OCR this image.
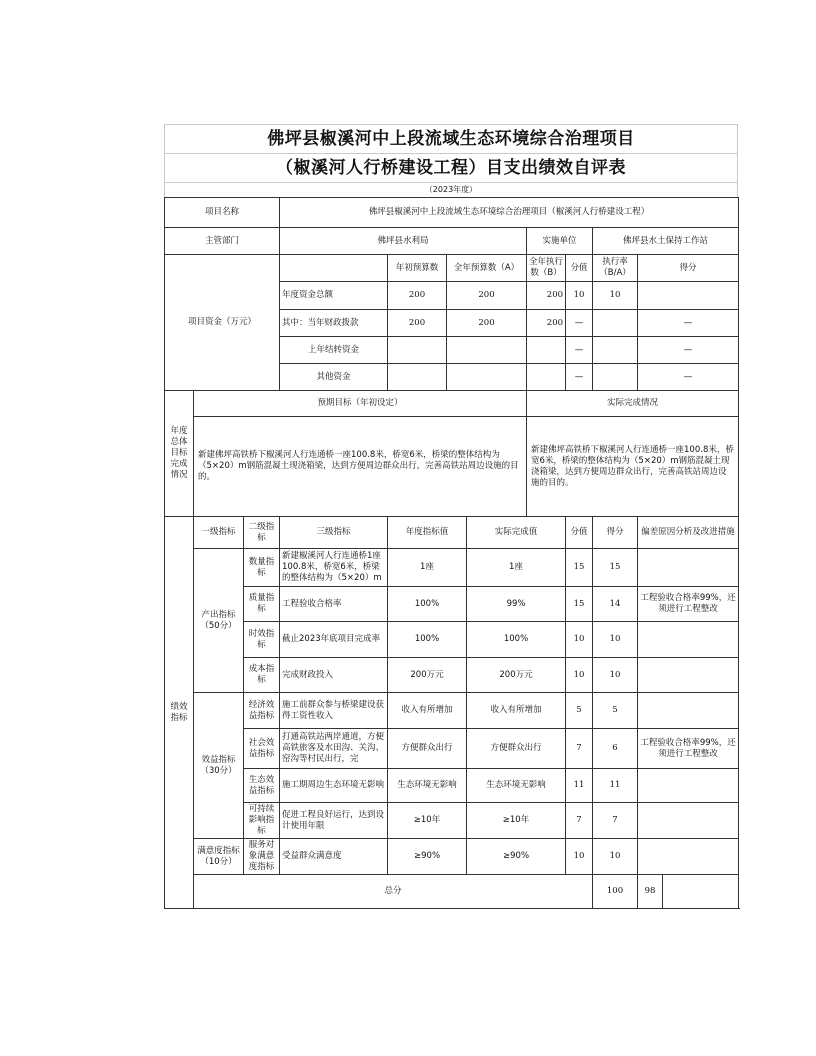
佛坪县椒溪河中上段流域生态环境综合治理项目
（椒溪河人行桥建设工程）目支出绩效自评表
（2023年度）
项目名称			佛坪县椒溪河中上段流域生态环境综合治理项目（椒溪河人行桥建设工程）								
主管部门			佛坪县水利局				实施单位		佛坪县水土保持工作站		
项目资金（万元）				年初预算数	全年预算数（A）		全年执行数（B）	分值	执行率（B/A）	得分	
			年度资金总额	200	200		200	10	10		
			其中：当年财政拨款	200	200		200	—		—	
			上年结转资金					—		—	
			其他资金					—		—	
年度总体目标完成情况	预期目标（年初设定）						实际完成情况				
	新建佛坪高铁桥下椒溪河人行连通桥一座100.8米，桥宽6米，桥梁的整体结构为（5×20）m钢筋混凝土现浇箱梁，达到方便周边群众出行，完善高铁站周边设施的目的。						新建佛坪高铁桥下椒溪河人行连通桥一座100.8米，桥宽6米，桥梁的整体结构为（5×20）m钢筋混凝土现浇箱梁，达到方便周边群众出行，完善高铁站周边设施的目的。				
绩效指标	一级指标	二级指标	三级指标	年度指标值		实际完成值		分值	得分	偏差原因分析及改进措施	
	产出指标（50分）	数量指标	新建椒溪河人行连通桥1座100.8米，桥宽6米，桥梁的整体结构为（5×20）m	1座		1座		15	15		
		质量指标	工程验收合格率	100%		99%		15	14	工程验收合格率99%，还须进行工程整改	
		时效指标	截止2023年底项目完成率	100%		100%		10	10		
		成本指标	完成财政投入	200万元		200万元		10	10		
	效益指标（30分）	经济效益指标	施工前群众参与桥梁建设获得工资性收入	收入有所增加		收入有所增加		5	5		
		社会效益指标	打通高铁站两岸通道，方便高铁旅客及水田沟、关沟、窑沟等村民出行，完	方便群众出行		方便群众出行		7	6	工程验收合格率99%，还须进行工程整改	
		生态效益指标	施工期周边生态环境无影响	生态环境无影响		生态环境无影响		11	11		
		可持续影响指标	促进工程良好运行，达到设计使用年限	≥10年		≥10年		7	7		
	满意度指标（10分）	服务对象满意度指标	受益群众满意度	≥90%		≥90%		10	10		
	总分								100	98	
